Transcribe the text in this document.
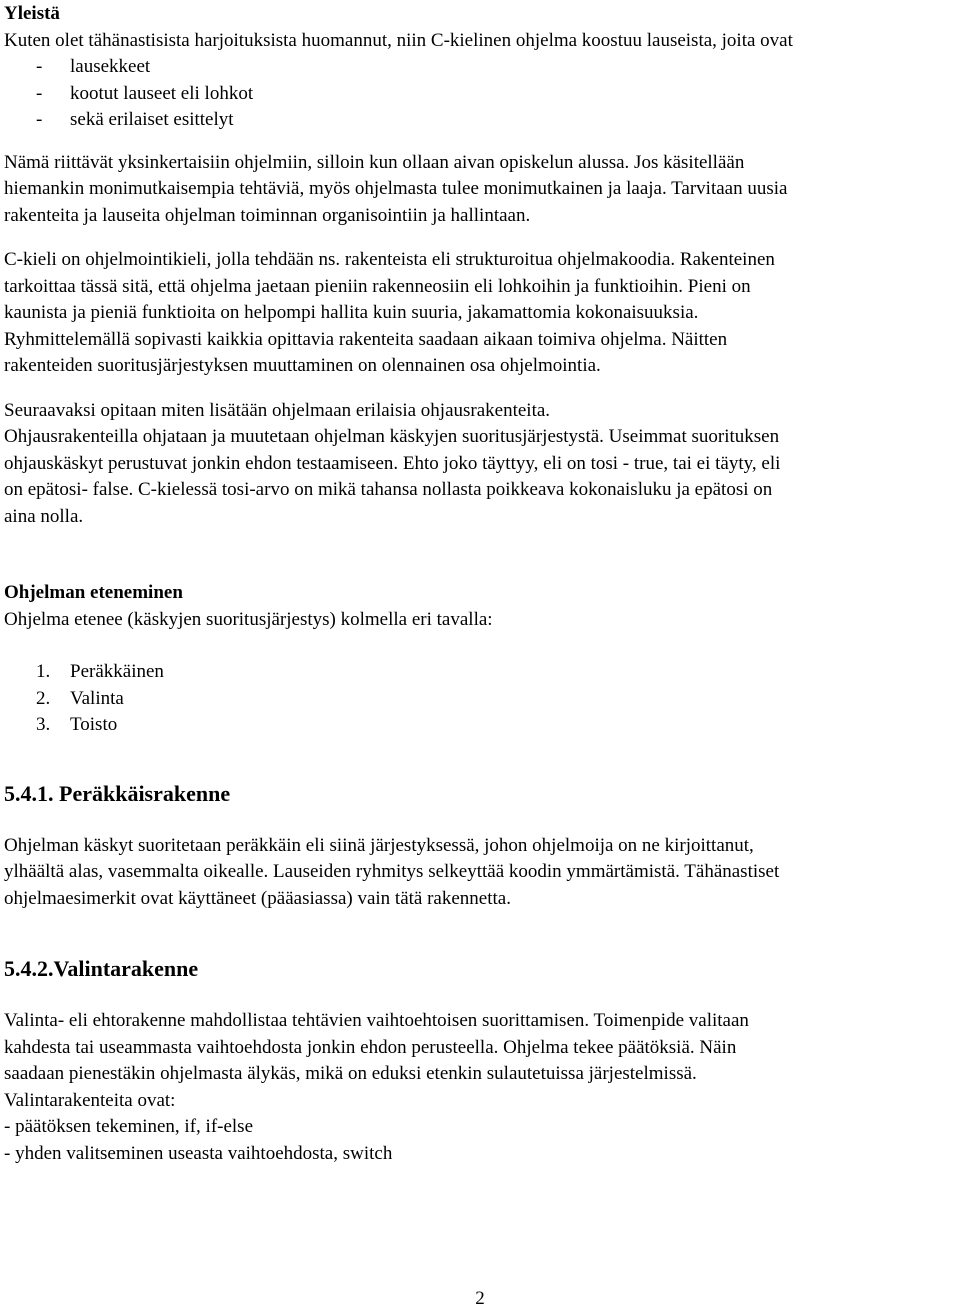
Yleistä
Kuten olet tähänastisista harjoituksista huomannut, niin C-kielinen ohjelma koostuu lauseista, joita ovat
- lausekkeet
- kootut lauseet eli lohkot
- sekä erilaiset esittelyt
Nämä riittävät yksinkertaisiin ohjelmiin, silloin kun ollaan aivan opiskelun alussa. Jos käsitellään
hiemankin monimutkaisempia tehtäviä, myös ohjelmasta tulee monimutkainen ja laaja. Tarvitaan uusia
rakenteita ja lauseita ohjelman toiminnan organisointiin ja hallintaan.
C-kieli on ohjelmointikieli, jolla tehdään ns. rakenteista eli strukturoitua ohjelmakoodia. Rakenteinen
tarkoittaa tässä sitä, että ohjelma jaetaan pieniin rakenneosiin eli lohkoihin ja funktioihin. Pieni on
kaunista ja pieniä funktioita on helpompi hallita kuin suuria, jakamattomia kokonaisuuksia.
Ryhmittelemällä sopivasti kaikkia opittavia rakenteita saadaan aikaan toimiva ohjelma. Näitten
rakenteiden suoritusjärjestyksen muuttaminen on olennainen osa ohjelmointia.
Seuraavaksi opitaan miten lisätään ohjelmaan erilaisia ohjausrakenteita.
Ohjausrakenteilla ohjataan ja muutetaan ohjelman käskyjen suoritusjärjestystä. Useimmat suorituksen
ohjauskäskyt perustuvat jonkin ehdon testaamiseen. Ehto joko täyttyy, eli on tosi - true, tai ei täyty, eli
on epätosi- false. C-kielessä tosi-arvo on mikä tahansa nollasta poikkeava kokonaisluku ja epätosi on
aina nolla.
Ohjelman eteneminen
Ohjelma etenee (käskyjen suoritusjärjestys) kolmella eri tavalla:
1. Peräkkäinen
2. Valinta
3. Toisto
5.4.1. Peräkkäisrakenne
Ohjelman käskyt suoritetaan peräkkäin eli siinä järjestyksessä, johon ohjelmoija on ne kirjoittanut,
ylhäältä alas, vasemmalta oikealle. Lauseiden ryhmitys selkeyttää koodin ymmärtämistä. Tähänastiset
ohjelmaesimerkit ovat käyttäneet (pääasiassa) vain tätä rakennetta.
5.4.2.Valintarakenne
Valinta- eli ehtorakenne mahdollistaa tehtävien vaihtoehtoisen suorittamisen. Toimenpide valitaan
kahdesta tai useammasta vaihtoehdosta jonkin ehdon perusteella. Ohjelma tekee päätöksiä. Näin
saadaan pienestäkin ohjelmasta älykäs, mikä on eduksi etenkin sulautetuissa järjestelmissä.
Valintarakenteita ovat:
- päätöksen tekeminen, if, if-else
- yhden valitseminen useasta vaihtoehdosta, switch
2
